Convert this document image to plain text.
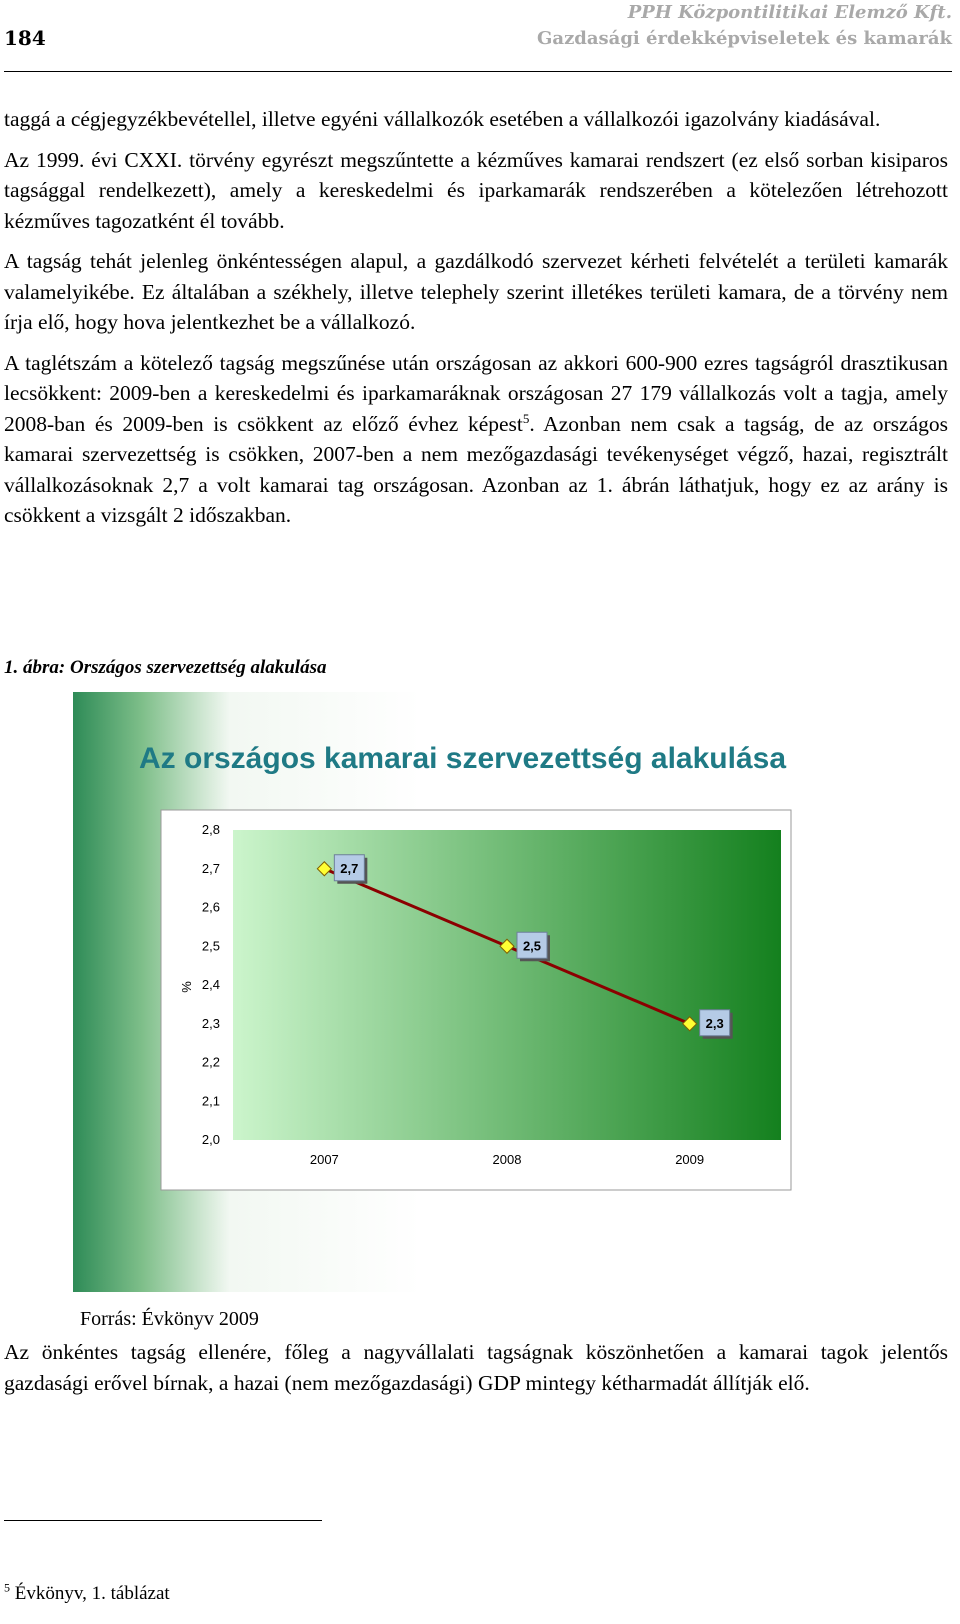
184
PPH Központilitikai Elemző Kft.
Gazdasági érdekképviseletek és kamarák

taggá a cégjegyzékbevétellel, illetve egyéni vállalkozók esetében a vállalkozói igazolvány kiadásával.

Az 1999. évi CXXI. törvény egyrészt megszűntette a kézműves kamarai rendszert (ez első sorban kisiparos tagsággal rendelkezett), amely a kereskedelmi és iparkamarák rendszerében a kötelezően létrehozott kézműves tagozatként él tovább.

A tagság tehát jelenleg önkéntességen alapul, a gazdálkodó szervezet kérheti felvételét a területi kamarák valamelyikébe. Ez általában a székhely, illetve telephely szerint illetékes területi kamara, de a törvény nem írja elő, hogy hova jelentkezhet be a vállalkozó.

A taglétszám a kötelező tagság megszűnése után országosan az akkori 600-900 ezres tagságról drasztikusan lecsökkent: 2009-ben a kereskedelmi és iparkamaráknak országosan 27 179 vállalkozás volt a tagja, amely 2008-ban és 2009-ben is csökkent az előző évhez képest$^5$. Azonban nem csak a tagság, de az országos kamarai szervezettség is csökken, 2007-ben a nem mezőgazdasági tevékenységet végző, hazai, regisztrált vállalkozásoknak 2,7 a volt kamarai tag országosan. Azonban az 1. ábrán láthatjuk, hogy ez az arány is csökkent a vizsgált 2 időszakban.

1. ábra: Országos szervezettség alakulása
Az országos kamarai szervezettség alakulása
2,0
2,1
2,2
2,3
2,4
2,5
2,6
2,7
2,8
2007	2008	2009
%
2,7
2,5
2,3
Forrás: Évkönyv 2009

Az önkéntes tagság ellenére, főleg a nagyvállalati tagságnak köszönhetően a kamarai tagok jelentős gazdasági erővel bírnak, a hazai (nem mezőgazdasági) GDP mintegy kétharmadát állítják elő.

$^5$ Évkönyv, 1. táblázat
